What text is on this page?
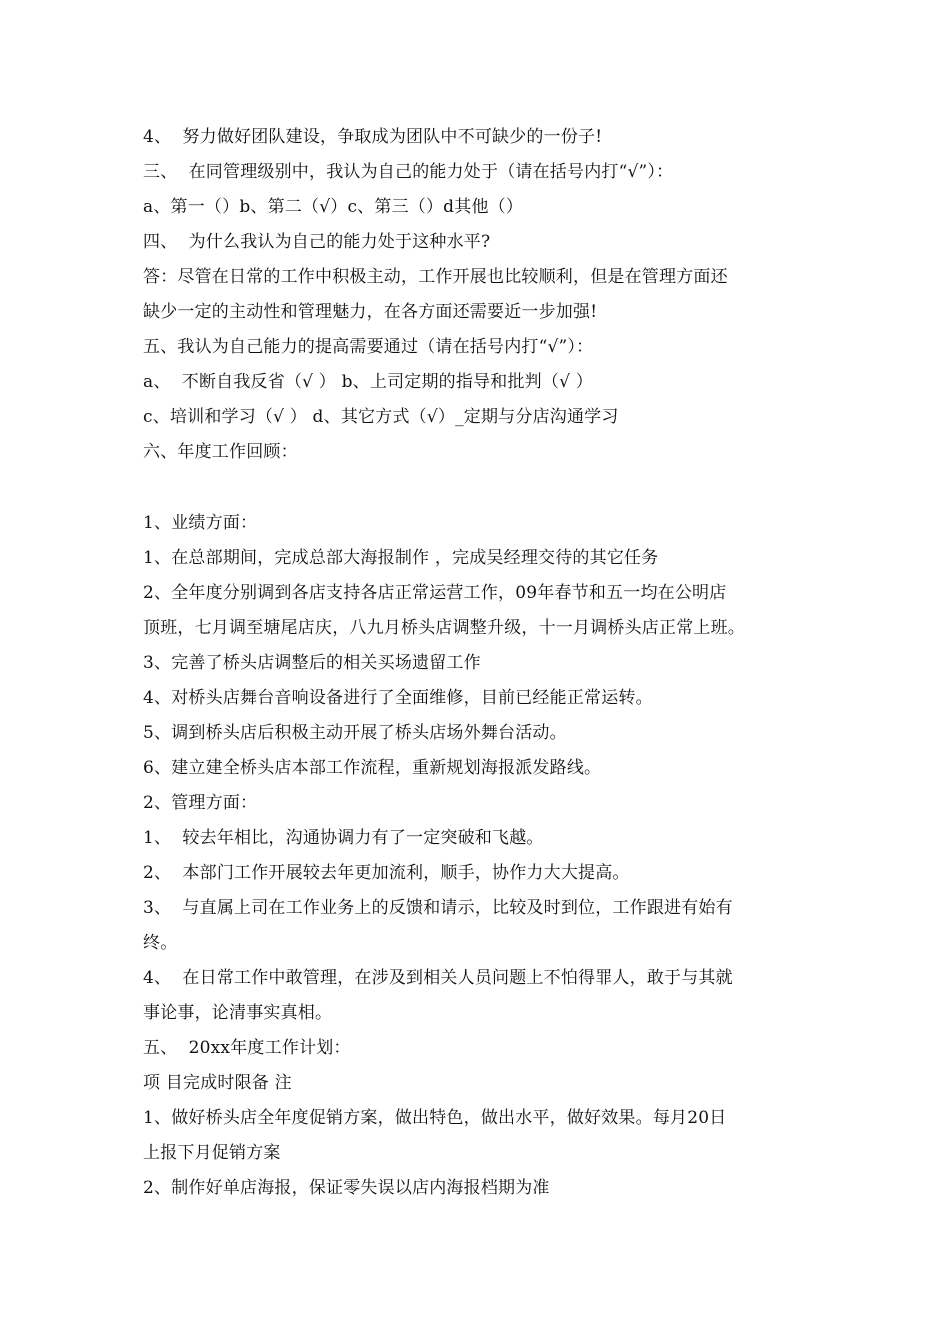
4、  努力做好团队建设，争取成为团队中不可缺少的一份子!
三、  在同管理级别中，我认为自己的能力处于（请在括号内打“√”）：
a、第一（）b、第二（√）c、第三（）d其他（）
四、  为什么我认为自己的能力处于这种水平?
答：尽管在日常的工作中积极主动，工作开展也比较顺利，但是在管理方面还
缺少一定的主动性和管理魅力，在各方面还需要近一步加强!
五、我认为自己能力的提高需要通过（请在括号内打“√”）：
a、  不断自我反省（√ ） b、上司定期的指导和批判（√ ）
c、培训和学习（√ ） d、其它方式（√）_定期与分店沟通学习
六、年度工作回顾：
1、业绩方面：
1、在总部期间，完成总部大海报制作 ，完成吴经理交待的其它任务
2、全年度分别调到各店支持各店正常运营工作，09年春节和五一均在公明店
顶班，七月调至塘尾店庆，八九月桥头店调整升级，十一月调桥头店正常上班。
3、完善了桥头店调整后的相关买场遗留工作
4、对桥头店舞台音响设备进行了全面维修，目前已经能正常运转。
5、调到桥头店后积极主动开展了桥头店场外舞台活动。
6、建立建全桥头店本部工作流程，重新规划海报派发路线。
2、管理方面：
1、  较去年相比，沟通协调力有了一定突破和飞越。
2、  本部门工作开展较去年更加流利，顺手，协作力大大提高。
3、  与直属上司在工作业务上的反馈和请示，比较及时到位，工作跟进有始有
终。
4、  在日常工作中敢管理，在涉及到相关人员问题上不怕得罪人，敢于与其就
事论事，论清事实真相。
五、  20xx年度工作计划：
项 目完成时限备 注
1、做好桥头店全年度促销方案，做出特色，做出水平，做好效果。每月20日
上报下月促销方案
2、制作好单店海报，保证零失误以店内海报档期为准
